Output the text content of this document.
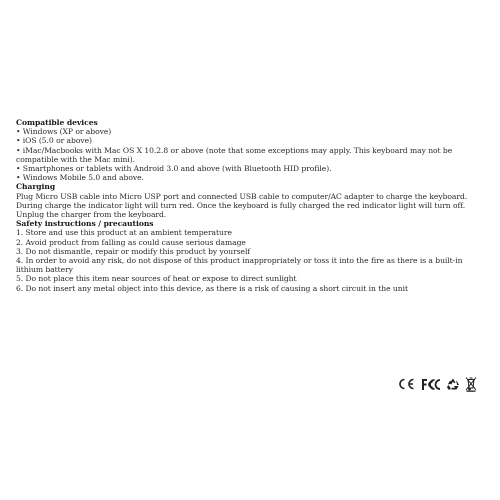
Compatible devices
• Windows (XP or above)
• iOS (5.0 or above)
• iMac/Macbooks with Mac OS X 10.2.8 or above (note that some exceptions may apply. This keyboard may not be compatible with the Mac mini).
• Smartphones or tablets with Android 3.0 and above (with Bluetooth HID profile).
• Windows Mobile 5.0 and above.
Charging
Plug Micro USB cable into Micro USP port and connected USB cable to computer/AC adapter to charge the keyboard. During charge the indicator light will turn red. Once the keyboard is fully charged the red indicator light will turn off. Unplug the charger from the keyboard.
Safety instructions / precautions
1. Store and use this product at an ambient temperature
2. Avoid product from falling as could cause serious damage
3. Do not dismantle, repair or modify this product by yourself
4. In order to avoid any risk, do not dispose of this product inappropriately or toss it into the fire as there is a built-in lithium battery
5. Do not place this item near sources of heat or expose to direct sunlight
6. Do not insert any metal object into this device, as there is a risk of causing a short circuit in the unit
